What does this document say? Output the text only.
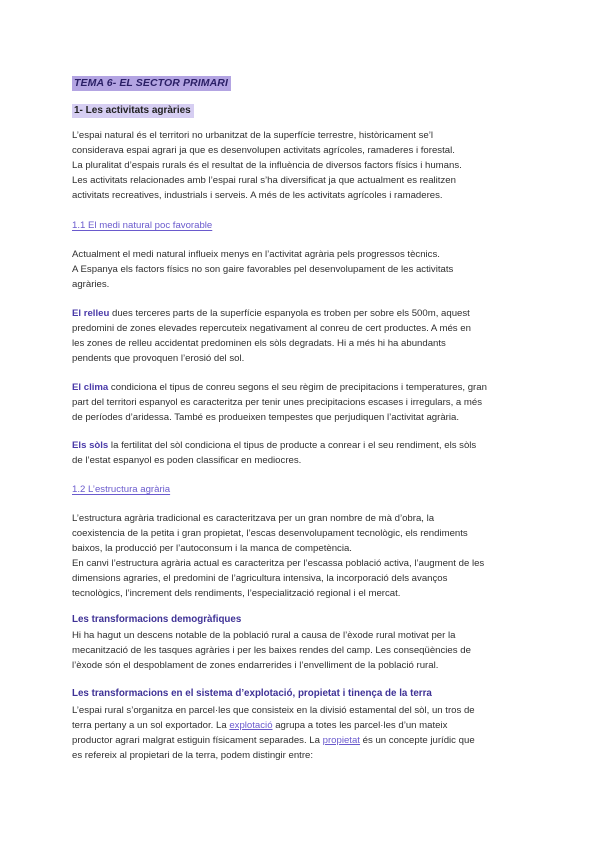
TEMA 6- EL SECTOR PRIMARI
1- Les activitats agràries
L’espai natural és el territori no urbanitzat de la superfície terrestre, històricament se’l
considerava espai agrari ja que es desenvolupen activitats agrícoles, ramaderes i forestal.
La pluralitat d’espais rurals és el resultat de la influència de diversos factors físics i humans.
Les activitats relacionades amb l’espai rural s’ha diversificat ja que actualment es realitzen
activitats recreatives, industrials i serveis. A més de les activitats agrícoles i ramaderes.
1.1 El medi natural poc favorable
Actualment el medi natural influeix menys en l’activitat agrària pels progressos tècnics.
A Espanya els factors físics no son gaire favorables pel desenvolupament de les activitats
agràries.
El relleu dues terceres parts de la superfície espanyola es troben per sobre els 500m, aquest
predomini de zones elevades repercuteix negativament al conreu de cert productes. A més en
les zones de relleu accidentat predominen els sòls degradats. Hi a més hi ha abundants
pendents que provoquen l’erosió del sol.
El clima condiciona el tipus de conreu segons el seu règim de precipitacions i temperatures, gran
part del territori espanyol es caracteritza per tenir unes precipitacions escases i irregulars, a més
de períodes d’aridessa. També es produeixen tempestes que perjudiquen l’activitat agrària.
Els sòls la fertilitat del sòl condiciona el tipus de producte a conrear i el seu rendiment, els sòls
de l’estat espanyol es poden classificar en mediocres.
1.2 L’estructura agrària
L’estructura agrària tradicional es caracteritzava per un gran nombre de mà d’obra, la
coexistencia de la petita i gran propietat, l’escas desenvolupament tecnològic, els rendiments
baixos, la producció per l’autoconsum i la manca de competència.
En canvi l’estructura agrària actual es caracteritza per l’escassa població activa, l’augment de les
dimensions agraries, el predomini de l’agricultura intensiva, la incorporació dels avanços
tecnològics, l’increment dels rendiments, l’especialització regional i el mercat.
Les transformacions demogràfiques
Hi ha hagut un descens notable de la població rural a causa de l’èxode rural motivat per la
mecanització de les tasques agràries i per les baixes rendes del camp. Les conseqüències de
l’èxode són el despoblament de zones endarrerides i l’envelliment de la població rural.
Les transformacions en el sistema d’explotació, propietat i tinença de la terra
L’espai rural s’organitza en parcel·les que consisteix en la divisió estamental del sòl, un tros de
terra pertany a un sol exportador. La explotació agrupa a totes les parcel·les d’un mateix
productor agrari malgrat estiguin físicament separades. La propietat és un concepte jurídic que
es refereix al propietari de la terra, podem distingir entre:
